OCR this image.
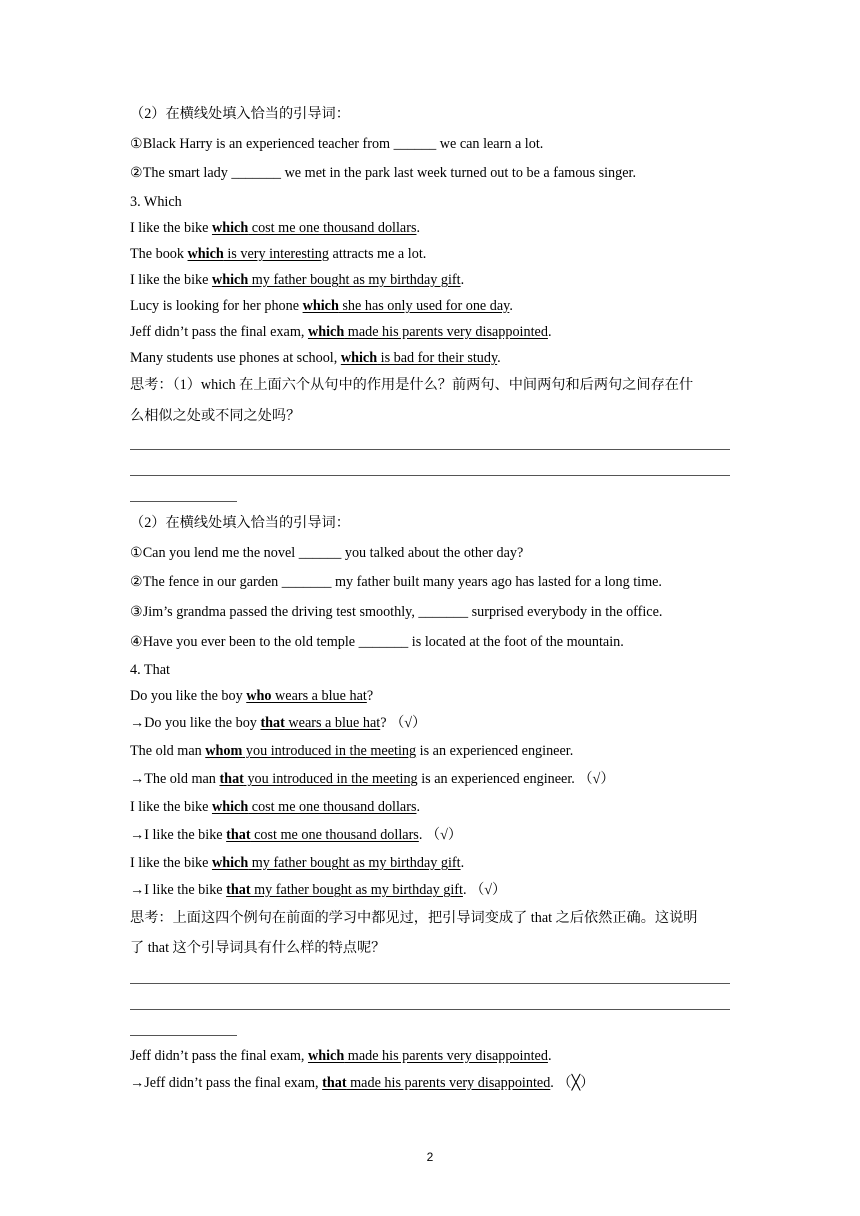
（2）在横线处填入恰当的引导词：
①Black Harry is an experienced teacher from ______ we can learn a lot.
②The smart lady _______ we met in the park last week turned out to be a famous singer.
3. Which
I like the bike which cost me one thousand dollars.
The book which is very interesting attracts me a lot.
I like the bike which my father bought as my birthday gift.
Lucy is looking for her phone which she has only used for one day.
Jeff didn’t pass the final exam, which made his parents very disappointed.
Many students use phones at school, which is bad for their study.
思考：（1）which 在上面六个从句中的作用是什么？前两句、中间两句和后两句之间存在什
么相似之处或不同之处吗？
（2）在横线处填入恰当的引导词：
①Can you lend me the novel ______ you talked about the other day?
②The fence in our garden _______ my father built many years ago has lasted for a long time.
③Jim’s grandma passed the driving test smoothly, _______ surprised everybody in the office.
④Have you ever been to the old temple _______ is located at the foot of the mountain.
4. That
Do you like the boy who wears a blue hat?
→Do you like the boy that wears a blue hat? （√）
The old man whom you introduced in the meeting is an experienced engineer.
→The old man that you introduced in the meeting is an experienced engineer. （√）
I like the bike which cost me one thousand dollars.
→I like the bike that cost me one thousand dollars. （√）
I like the bike which my father bought as my birthday gift.
→I like the bike that my father bought as my birthday gift. （√）
思考：上面这四个例句在前面的学习中都见过，把引导词变成了 that 之后依然正确。这说明
了 that 这个引导词具有什么样的特点呢？
Jeff didn’t pass the final exam, which made his parents very disappointed.
→Jeff didn’t pass the final exam, that made his parents very disappointed. （╳）
2
